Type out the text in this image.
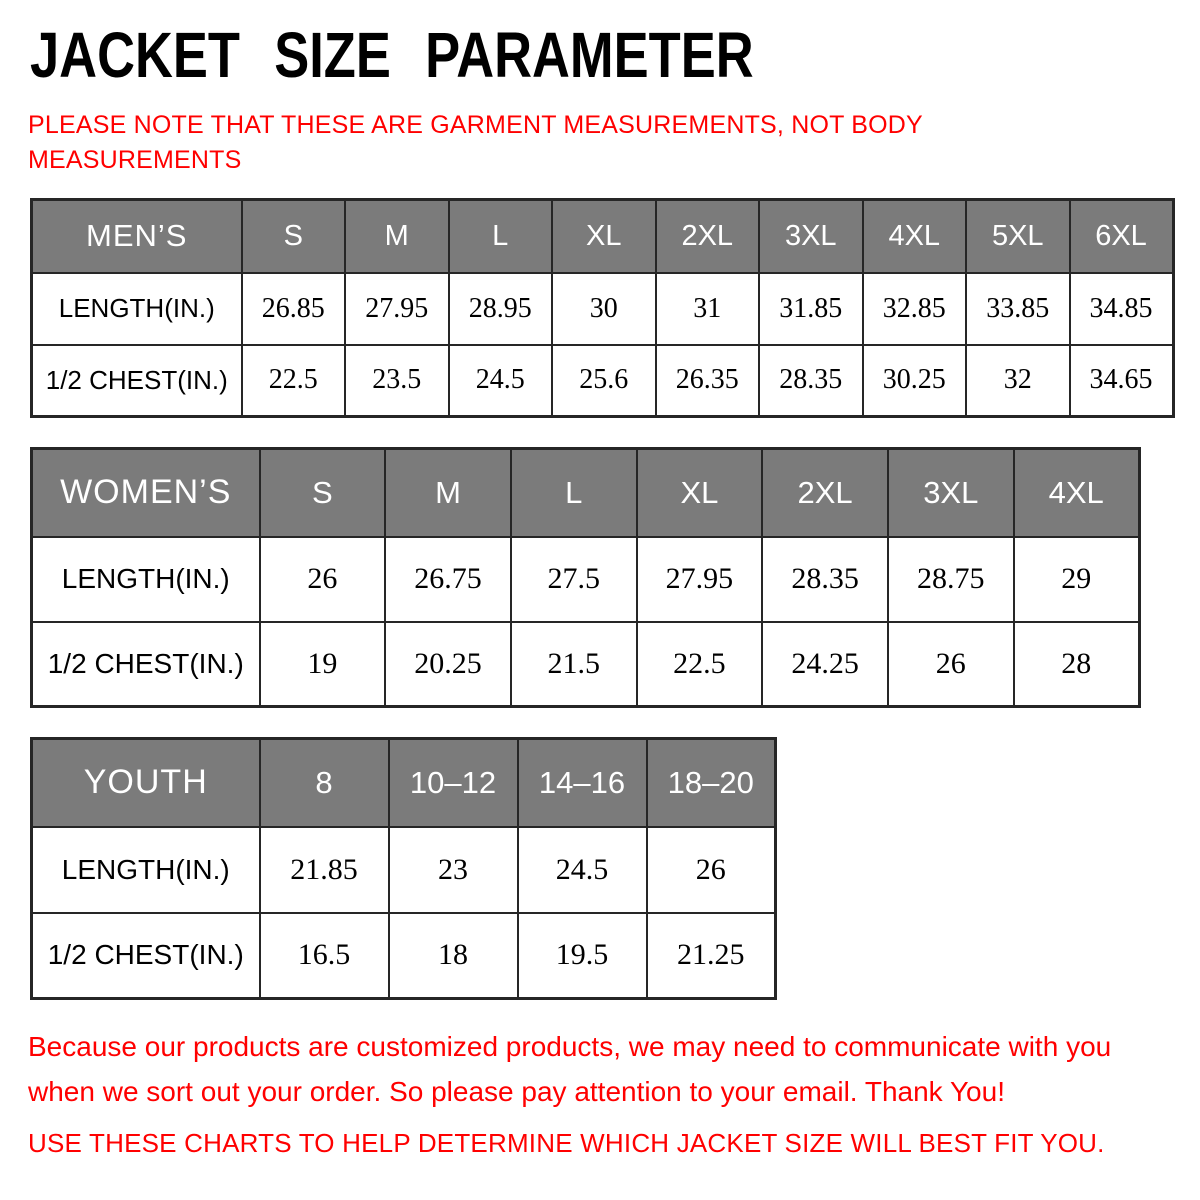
JACKET SIZE PARAMETER

PLEASE NOTE THAT THESE ARE GARMENT MEASUREMENTS, NOT BODY MEASUREMENTS

MEN’S	S	M	L	XL	2XL	3XL	4XL	5XL	6XL
LENGTH(IN.)	26.85	27.95	28.95	30	31	31.85	32.85	33.85	34.85
1/2 CHEST(IN.)	22.5	23.5	24.5	25.6	26.35	28.35	30.25	32	34.65
WOMEN’S	S	M	L	XL	2XL	3XL	4XL
LENGTH(IN.)	26	26.75	27.5	27.95	28.35	28.75	29
1/2 CHEST(IN.)	19	20.25	21.5	22.5	24.25	26	28
YOUTH	8	10–12	14–16	18–20
LENGTH(IN.)	21.85	23	24.5	26
1/2 CHEST(IN.)	16.5	18	19.5	21.25

Because our products are customized products, we may need to communicate with you when we sort out your order. So please pay attention to your email. Thank You!

USE THESE CHARTS TO HELP DETERMINE WHICH JACKET SIZE WILL BEST FIT YOU.
